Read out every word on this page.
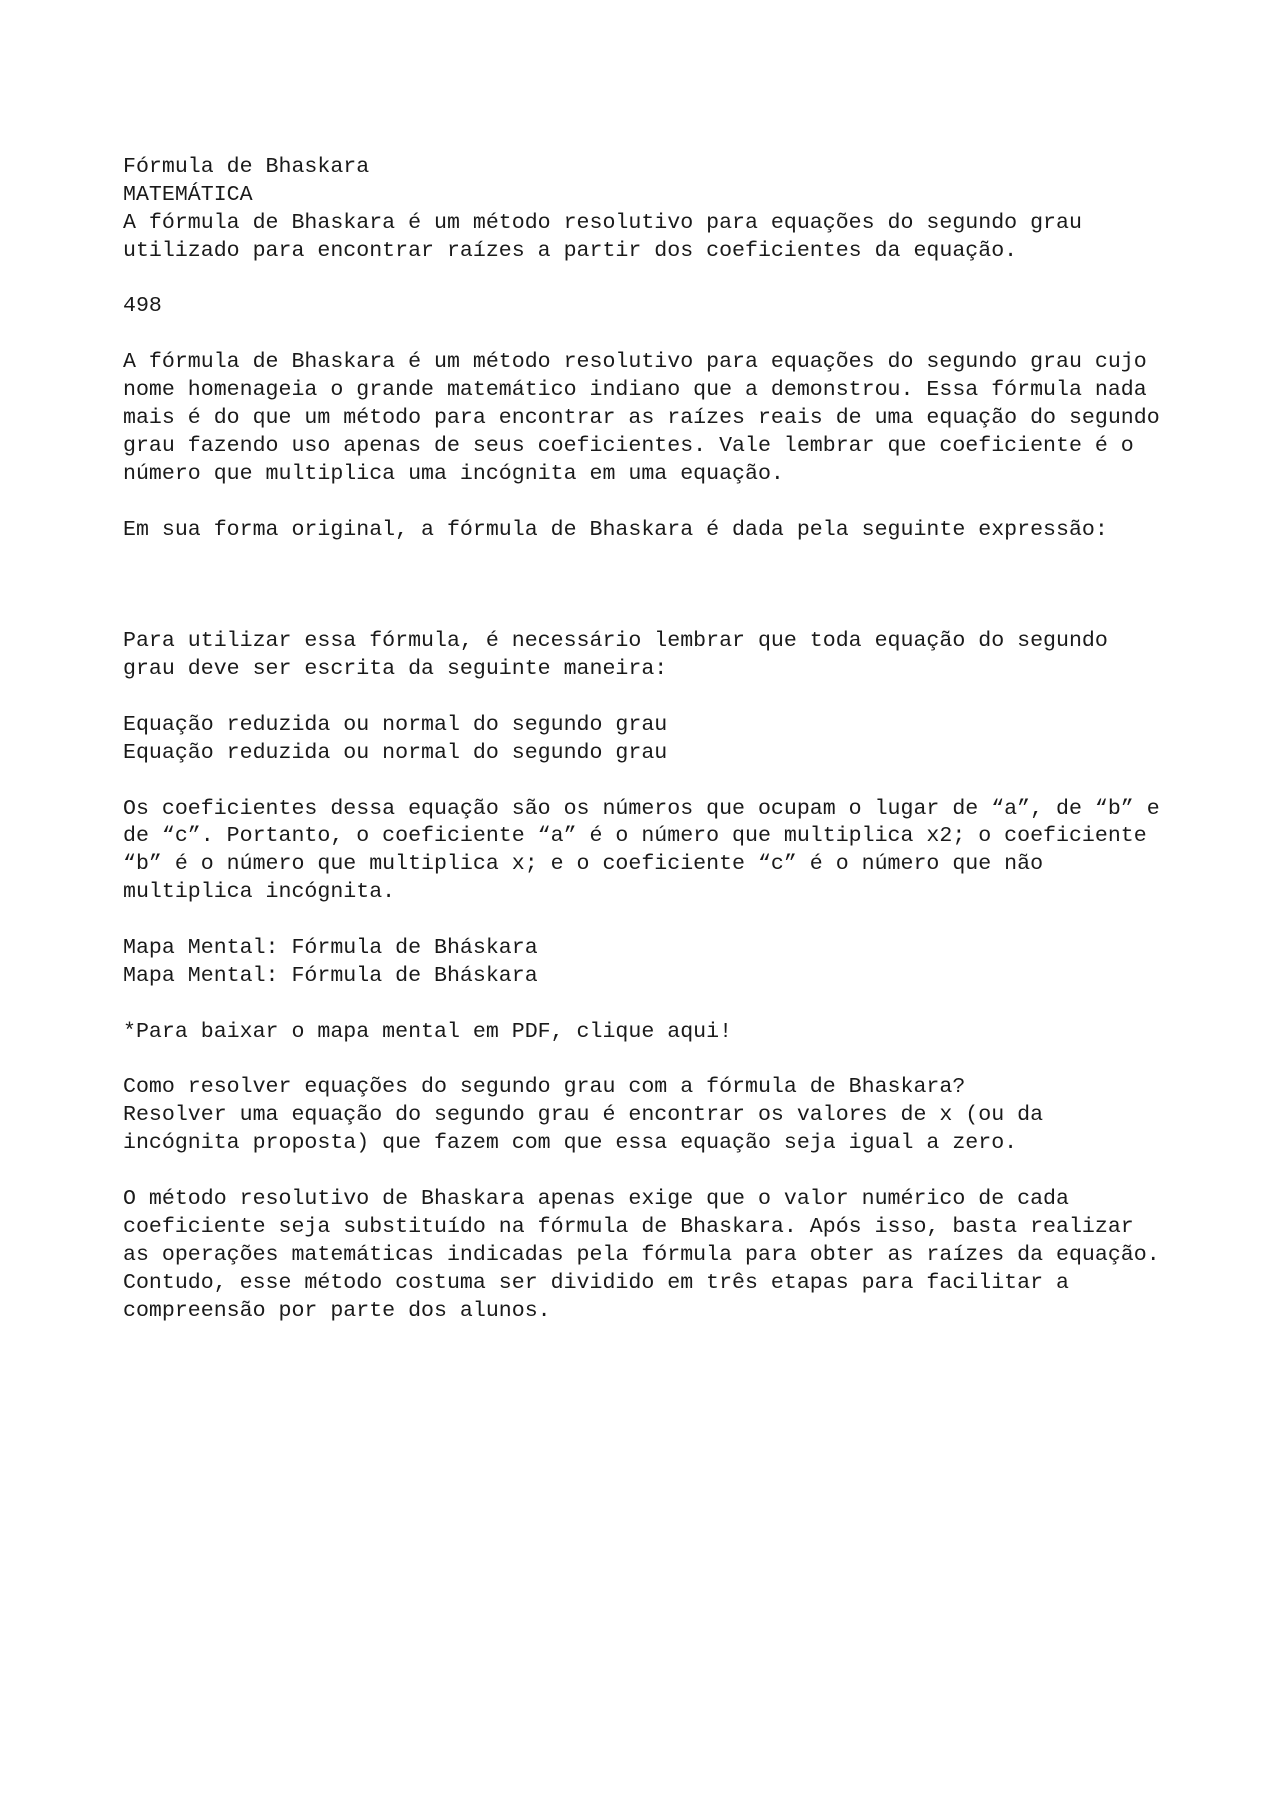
Fórmula de Bhaskara
MATEMÁTICA
A fórmula de Bhaskara é um método resolutivo para equações do segundo grau
utilizado para encontrar raízes a partir dos coeficientes da equação.
498
A fórmula de Bhaskara é um método resolutivo para equações do segundo grau cujo
nome homenageia o grande matemático indiano que a demonstrou. Essa fórmula nada
mais é do que um método para encontrar as raízes reais de uma equação do segundo
grau fazendo uso apenas de seus coeficientes. Vale lembrar que coeficiente é o
número que multiplica uma incógnita em uma equação.
Em sua forma original, a fórmula de Bhaskara é dada pela seguinte expressão:
Para utilizar essa fórmula, é necessário lembrar que toda equação do segundo
grau deve ser escrita da seguinte maneira:
Equação reduzida ou normal do segundo grau
Equação reduzida ou normal do segundo grau
Os coeficientes dessa equação são os números que ocupam o lugar de “a”, de “b” e
de “c”. Portanto, o coeficiente “a” é o número que multiplica x2; o coeficiente
“b” é o número que multiplica x; e o coeficiente “c” é o número que não
multiplica incógnita.
Mapa Mental: Fórmula de Bháskara
Mapa Mental: Fórmula de Bháskara
*Para baixar o mapa mental em PDF, clique aqui!
Como resolver equações do segundo grau com a fórmula de Bhaskara?
Resolver uma equação do segundo grau é encontrar os valores de x (ou da
incógnita proposta) que fazem com que essa equação seja igual a zero.
O método resolutivo de Bhaskara apenas exige que o valor numérico de cada
coeficiente seja substituído na fórmula de Bhaskara. Após isso, basta realizar
as operações matemáticas indicadas pela fórmula para obter as raízes da equação.
Contudo, esse método costuma ser dividido em três etapas para facilitar a
compreensão por parte dos alunos.
